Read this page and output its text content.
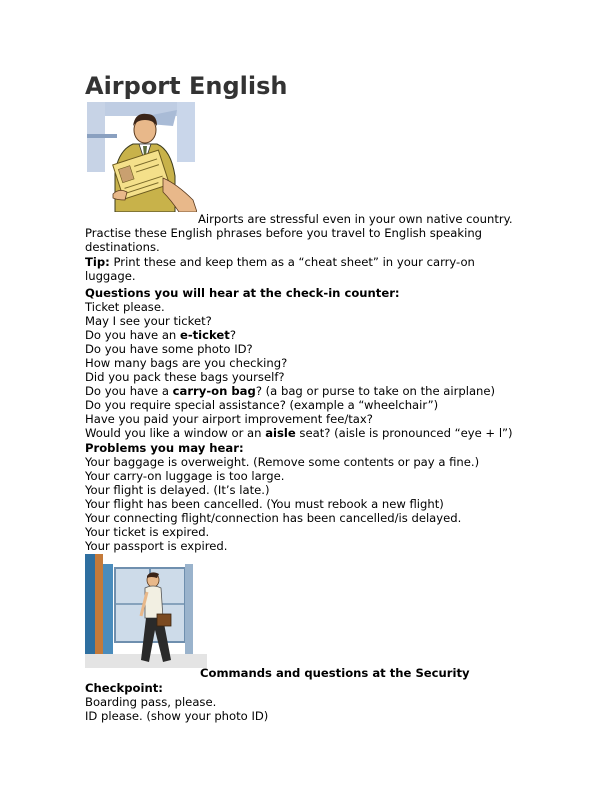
Airport English
Airports are stressful even in your own native country.
Practise these English phrases before you travel to English speaking
destinations.
Tip: Print these and keep them as a “cheat sheet” in your carry-on
luggage.
Questions you will hear at the check-in counter:
Ticket please.
May I see your ticket?
Do you have an e-ticket?
Do you have some photo ID?
How many bags are you checking?
Did you pack these bags yourself?
Do you have a carry-on bag? (a bag or purse to take on the airplane)
Do you require special assistance? (example a “wheelchair”)
Have you paid your airport improvement fee/tax?
Would you like a window or an aisle seat? (aisle is pronounced “eye + l”)
Problems you may hear:
Your baggage is overweight. (Remove some contents or pay a fine.)
Your carry-on luggage is too large.
Your flight is delayed. (It’s late.)
Your flight has been cancelled. (You must rebook a new flight)
Your connecting flight/connection has been cancelled/is delayed.
Your ticket is expired.
Your passport is expired.
Commands and questions at the Security
Checkpoint:
Boarding pass, please.
ID please. (show your photo ID)
